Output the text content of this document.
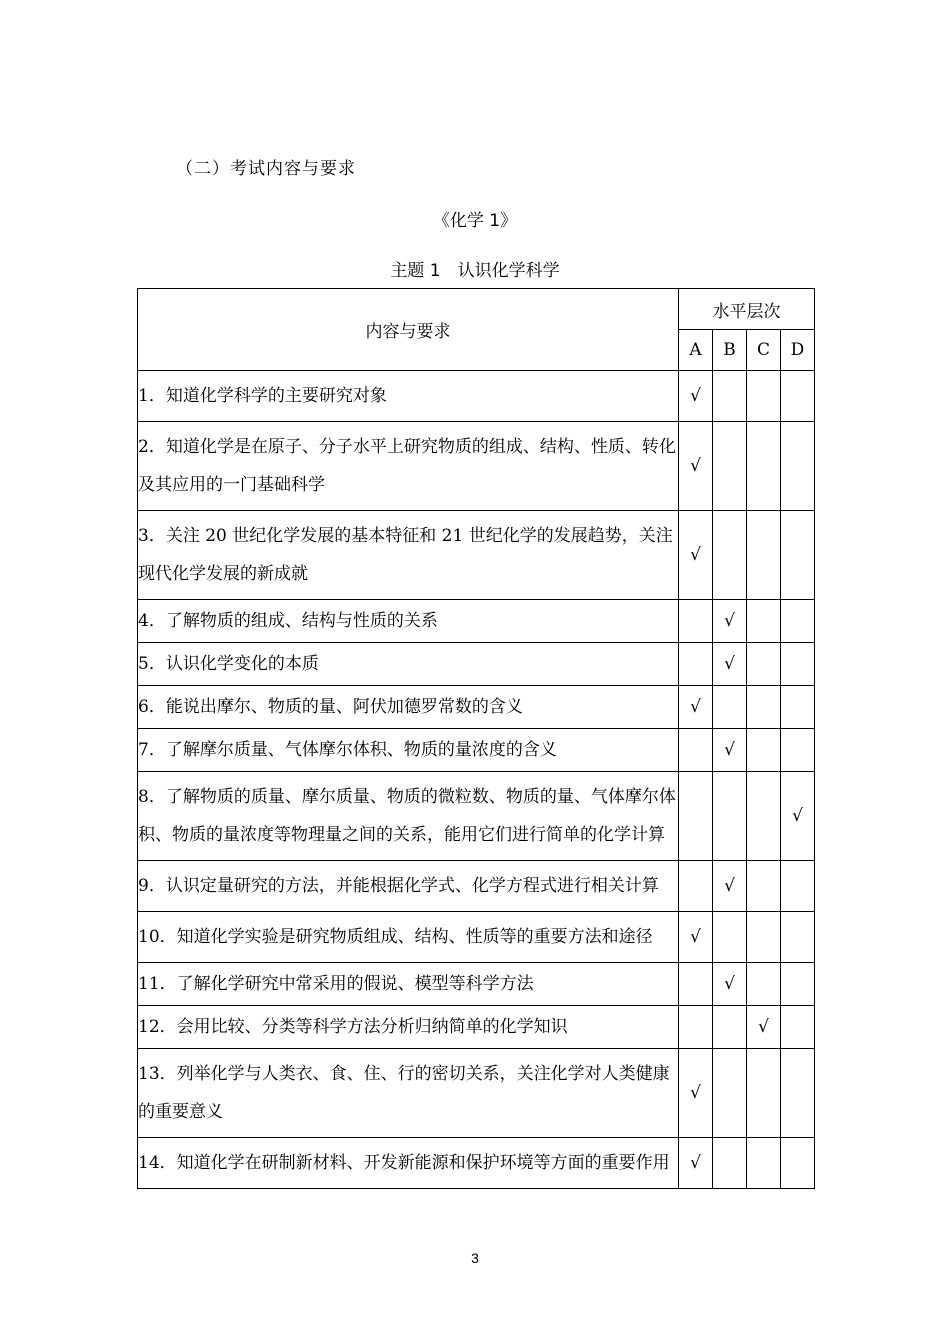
（二）考试内容与要求
《化学 1》
主题 1　认识化学科学
内容与要求	水平层次			
	A	B	C	D
1．知道化学科学的主要研究对象	√			
2．知道化学是在原子、分子水平上研究物质的组成、结构、性质、转化及其应用的一门基础科学	√			
3．关注 20 世纪化学发展的基本特征和 21 世纪化学的发展趋势，关注现代化学发展的新成就	√			
4．了解物质的组成、结构与性质的关系		√		
5．认识化学变化的本质		√		
6．能说出摩尔、物质的量、阿伏加德罗常数的含义	√			
7．了解摩尔质量、气体摩尔体积、物质的量浓度的含义		√		
8．了解物质的质量、摩尔质量、物质的微粒数、物质的量、气体摩尔体积、物质的量浓度等物理量之间的关系，能用它们进行简单的化学计算				√
9．认识定量研究的方法，并能根据化学式、化学方程式进行相关计算		√		
10．知道化学实验是研究物质组成、结构、性质等的重要方法和途径	√			
11．了解化学研究中常采用的假说、模型等科学方法		√		
12．会用比较、分类等科学方法分析归纳简单的化学知识			√	
13．列举化学与人类衣、食、住、行的密切关系，关注化学对人类健康的重要意义	√			
14．知道化学在研制新材料、开发新能源和保护环境等方面的重要作用	√			
3
